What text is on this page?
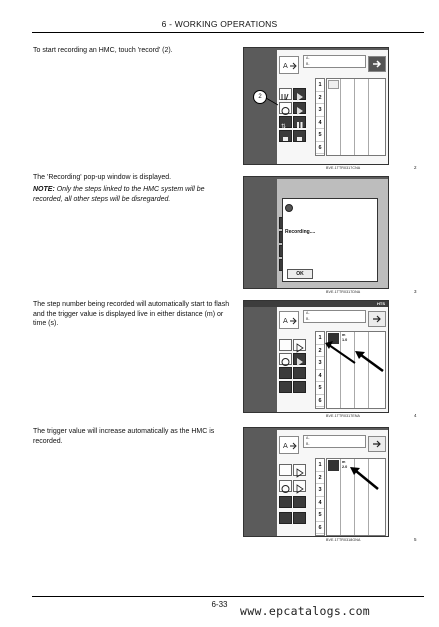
6 - WORKING OPERATIONS
To start recording an HMC, touch 'record' (2).
The 'Recording' pop-up window is displayed.
NOTE: Only the steps linked to the HMC system will be recorded, all other steps will be disregarded.
The step number being recorded will automatically start to flash and the trigger value is displayed live in either distance (m) or time (s).
The trigger value will increase automatically as the HMC is recorded.
A
A-
B-
⇅
1
2
3
4
5
6
2
BVE.1TTR0317CNA	2
Recording....
OK
BVE.1TTR0317DNA	3
HTS
A
A-
B-
1
2
3
4
5
6
m
1.0
BVE.1TTR0317ENA	4
A
A-
B-
1
2
3
4
5
6
m
2.0
BVE.1TTR0318GNA	5
6-33	www.epcatalogs.com
